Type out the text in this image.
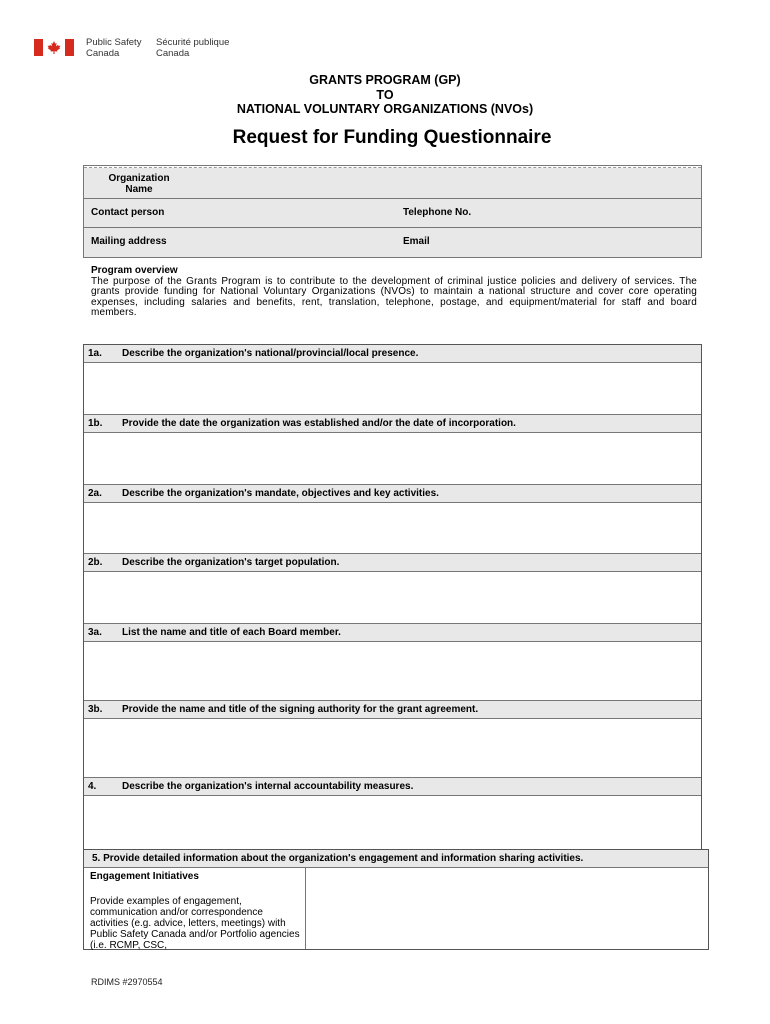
Public Safety
Canada
Sécurité publique
Canada
GRANTS PROGRAM (GP)
TO
NATIONAL VOLUNTARY ORGANIZATIONS (NVOs)
Request for Funding Questionnaire
Organization
Name
Contact person	Telephone No.
Mailing address	Email
Program overview

The purpose of the Grants Program is to contribute to the development of criminal justice policies and delivery of services. The grants provide funding for National Voluntary Organizations (NVOs) to maintain a national structure and cover core operating expenses, including salaries and benefits, rent, translation, telephone, postage, and equipment/material for staff and board members.

1a. Describe the organization's national/provincial/local presence.
1b. Provide the date the organization was established and/or the date of incorporation.
2a. Describe the organization's mandate, objectives and key activities.
2b. Describe the organization's target population.
3a. List the name and title of each Board member.
3b. Provide the name and title of the signing authority for the grant agreement.
4.	Describe the organization's internal accountability measures.
5. Provide detailed information about the organization's engagement and information sharing activities.
Engagement Initiatives
Provide examples of engagement, communication and/or correspondence activities (e.g. advice, letters, meetings) with Public Safety Canada and/or Portfolio agencies (i.e. RCMP, CSC,
RDIMS #2970554
